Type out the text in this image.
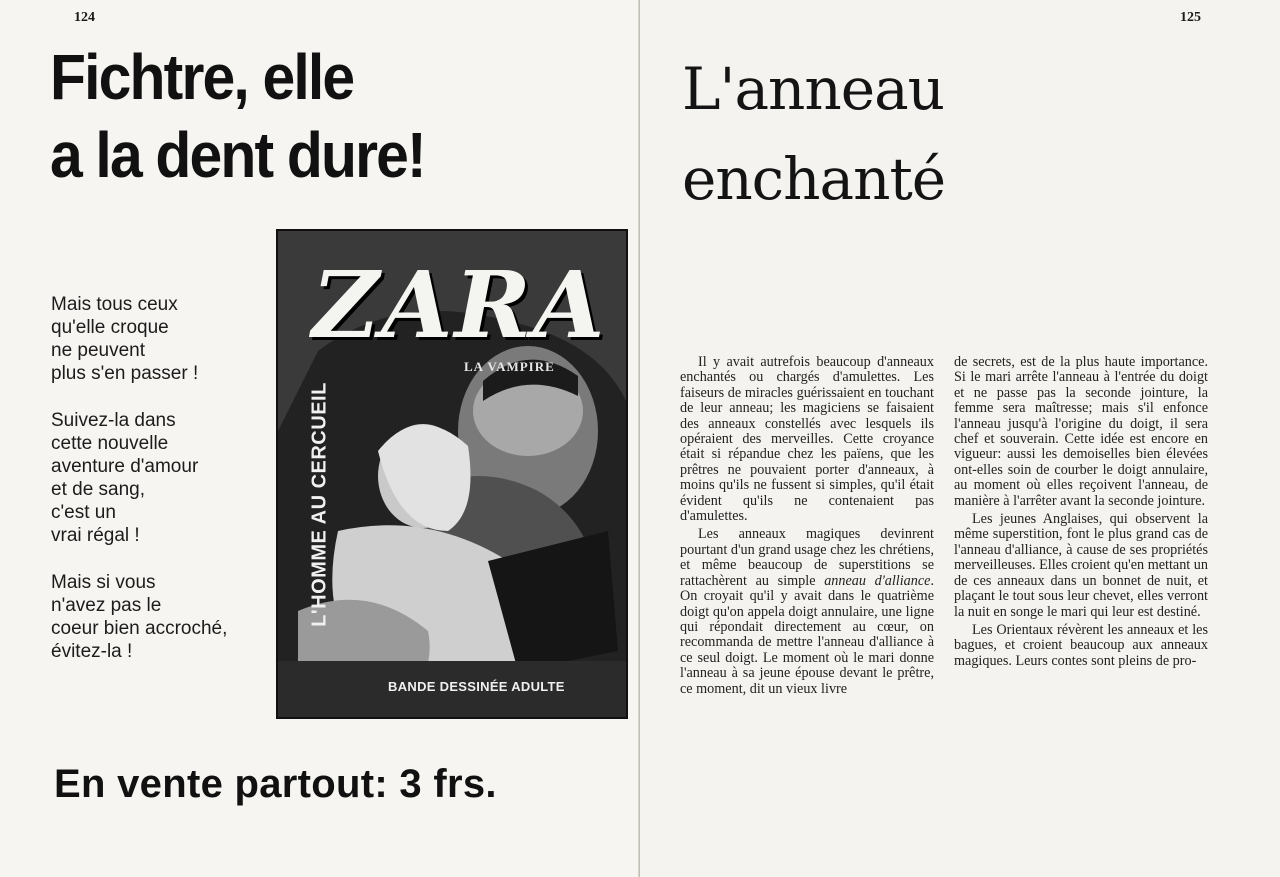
124
Fichtre, elle
a la dent dure!

Mais tous ceux
qu'elle croque
ne peuvent
plus s'en passer !

Suivez-la dans
cette nouvelle
aventure d'amour
et de sang,
c'est un
vrai régal !

Mais si vous
n'avez pas le
coeur bien accroché,
évitez-la !

ZARA
LA VAMPIRE
L'HOMME AU CERCUEIL
BANDE DESSINÉE ADULTE
En vente partout: 3 frs.
125
L'anneau
enchanté

Il y avait autrefois beaucoup d'anneaux enchantés ou chargés d'amulettes. Les faiseurs de miracles guérissaient en touchant de leur anneau; les magiciens se faisaient des anneaux constellés avec lesquels ils opéraient des merveilles. Cette croyance était si répandue chez les païens, que les prêtres ne pouvaient porter d'anneaux, à moins qu'ils ne fussent si simples, qu'il était évident qu'ils ne contenaient pas d'amulettes.

Les anneaux magiques devinrent pourtant d'un grand usage chez les chrétiens, et même beaucoup de superstitions se rattachèrent au simple anneau d'alliance. On croyait qu'il y avait dans le quatrième doigt qu'on appela doigt annulaire, une ligne qui répondait directement au cœur, on recommanda de mettre l'anneau d'alliance à ce seul doigt. Le moment où le mari donne l'anneau à sa jeune épouse devant le prêtre, ce moment, dit un vieux livre

de secrets, est de la plus haute importance. Si le mari arrête l'anneau à l'entrée du doigt et ne passe pas la seconde jointure, la femme sera maîtresse; mais s'il enfonce l'anneau jusqu'à l'origine du doigt, il sera chef et souverain. Cette idée est encore en vigueur: aussi les demoiselles bien élevées ont-elles soin de courber le doigt annulaire, au moment où elles reçoivent l'anneau, de manière à l'arrêter avant la seconde jointure.

Les jeunes Anglaises, qui observent la même superstition, font le plus grand cas de l'anneau d'alliance, à cause de ses propriétés merveilleuses. Elles croient qu'en mettant un de ces anneaux dans un bonnet de nuit, et plaçant le tout sous leur chevet, elles verront la nuit en songe le mari qui leur est destiné.

Les Orientaux révèrent les anneaux et les bagues, et croient beaucoup aux anneaux magiques. Leurs contes sont pleins de pro-
